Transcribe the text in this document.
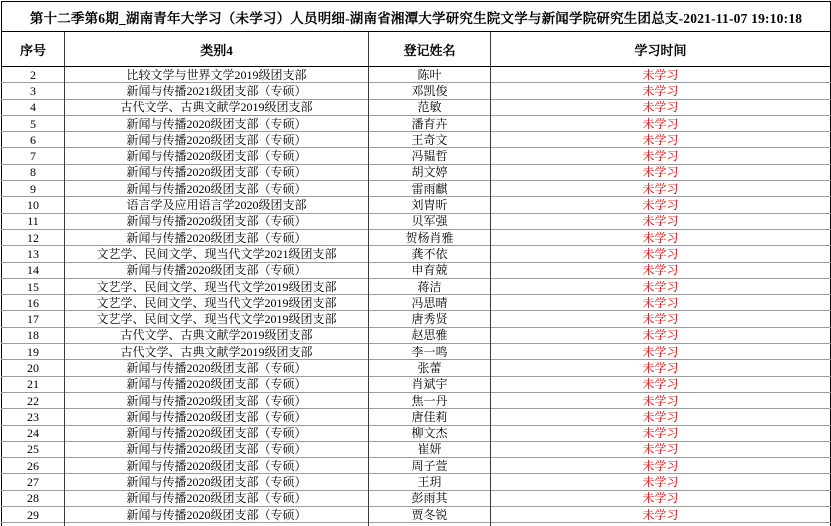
第十二季第6期_湖南青年大学习（未学习）人员明细-湖南省湘潭大学研究生院文学与新闻学院研究生团总支-2021-11-07 19:10:18			
序号	类别4	登记姓名	学习时间
2	比较文学与世界文学2019级团支部	陈叶	未学习
3	新闻与传播2021级团支部（专硕）	邓凯俊	未学习
4	古代文学、古典文献学2019级团支部	范敏	未学习
5	新闻与传播2020级团支部（专硕）	潘育卉	未学习
6	新闻与传播2020级团支部（专硕）	王奇文	未学习
7	新闻与传播2020级团支部（专硕）	冯韫哲	未学习
8	新闻与传播2020级团支部（专硕）	胡文婷	未学习
9	新闻与传播2020级团支部（专硕）	雷雨麒	未学习
10	语言学及应用语言学2020级团支部	刘胄昕	未学习
11	新闻与传播2020级团支部（专硕）	贝军强	未学习
12	新闻与传播2020级团支部（专硕）	贺杨肖雅	未学习
13	文艺学、民间文学、现当代文学2021级团支部	龚不依	未学习
14	新闻与传播2020级团支部（专硕）	申育兢	未学习
15	文艺学、民间文学、现当代文学2019级团支部	蒋洁	未学习
16	文艺学、民间文学、现当代文学2019级团支部	冯思晴	未学习
17	文艺学、民间文学、现当代文学2019级团支部	唐秀贤	未学习
18	古代文学、古典文献学2019级团支部	赵思雅	未学习
19	古代文学、古典文献学2019级团支部	李一鸣	未学习
20	新闻与传播2020级团支部（专硕）	张蕾	未学习
21	新闻与传播2020级团支部（专硕）	肖斌宇	未学习
22	新闻与传播2020级团支部（专硕）	焦一丹	未学习
23	新闻与传播2020级团支部（专硕）	唐佳莉	未学习
24	新闻与传播2020级团支部（专硕）	柳文杰	未学习
25	新闻与传播2020级团支部（专硕）	崔妍	未学习
26	新闻与传播2020级团支部（专硕）	周子萱	未学习
27	新闻与传播2020级团支部（专硕）	王玥	未学习
28	新闻与传播2020级团支部（专硕）	彭雨其	未学习
29	新闻与传播2020级团支部（专硕）	贾冬锐	未学习
